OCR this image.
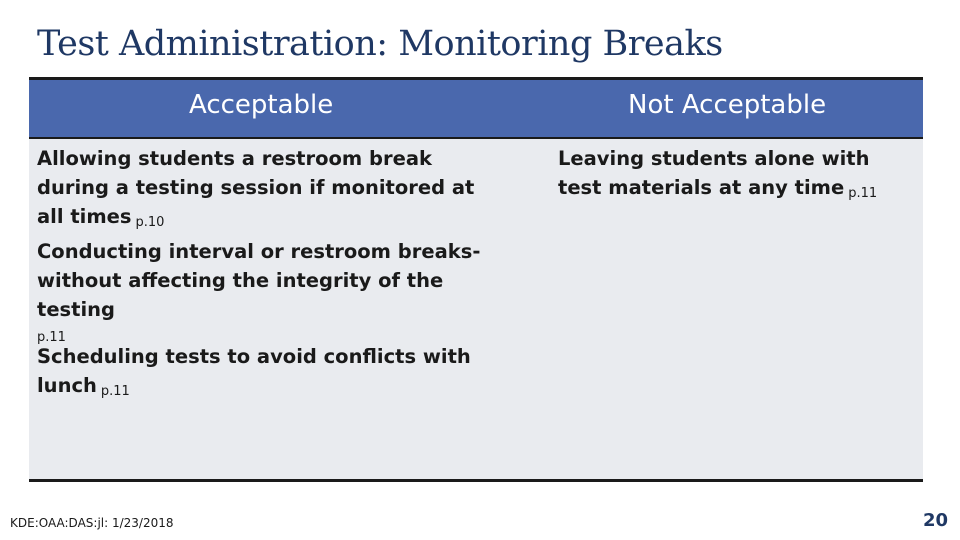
Test Administration: Monitoring Breaks
Acceptable	Not Acceptable
Allowing students a restroom break during a testing session if monitored at all times p.10
Conducting interval or restroom breaks- without affecting the integrity of the testing
p.11
Scheduling tests to avoid conflicts with lunch p.11
Leaving students alone with test materials at any time p.11
KDE:OAA:DAS:jl: 1/23/2018	20
